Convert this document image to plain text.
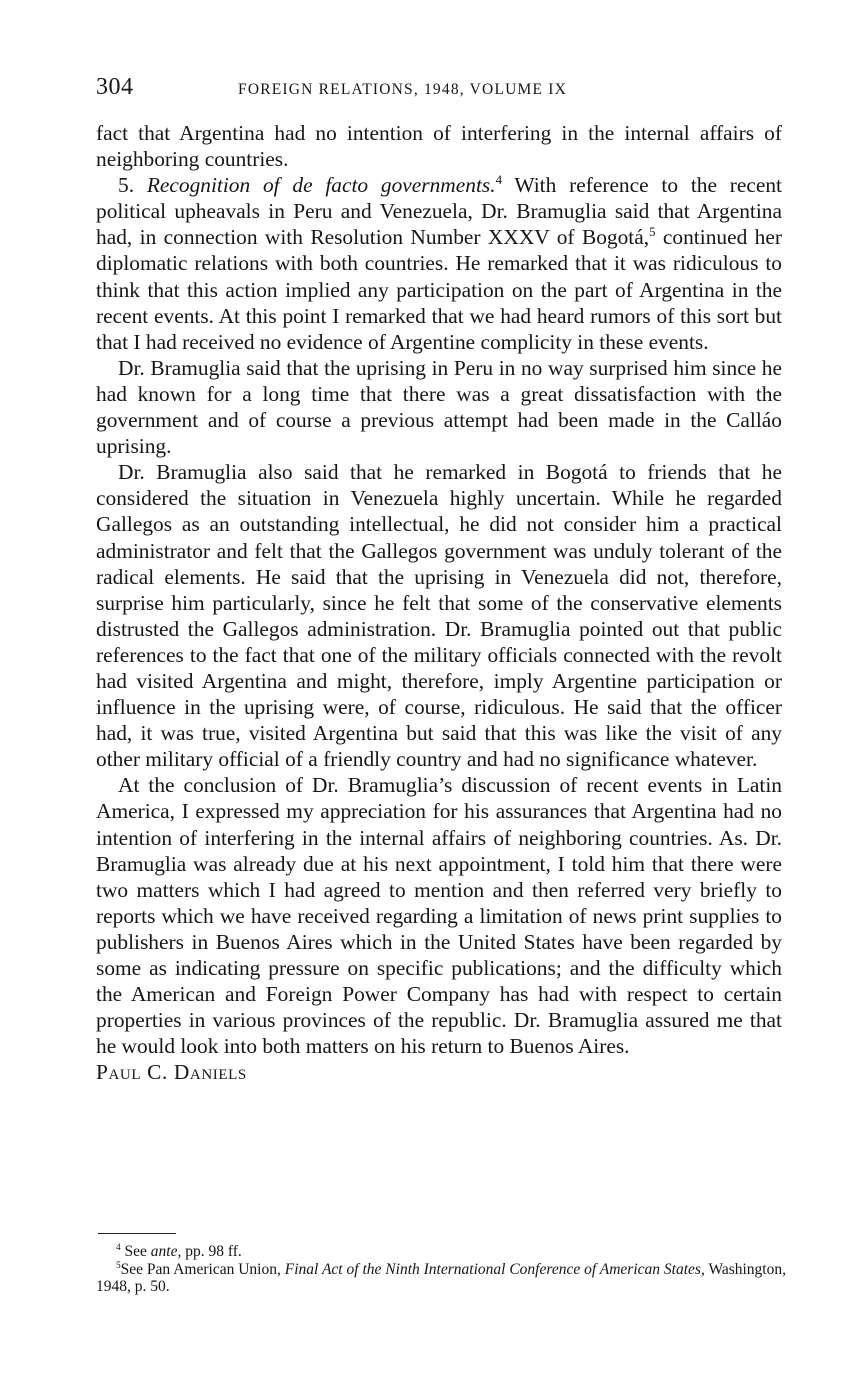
304	FOREIGN RELATIONS, 1948, VOLUME IX

fact that Argentina had no intention of interfering in the internal affairs of neighboring countries.

5. Recognition of de facto governments.$^4$ With reference to the recent political upheavals in Peru and Venezuela, Dr. Bramuglia said that Argentina had, in connection with Resolution Number XXXV of Bogotá,$^5$ continued her diplomatic relations with both countries. He remarked that it was ridiculous to think that this action implied any participation on the part of Argentina in the recent events. At this point I remarked that we had heard rumors of this sort but that I had received no evidence of Argentine complicity in these events.

Dr. Bramuglia said that the uprising in Peru in no way surprised him since he had known for a long time that there was a great dissatisfaction with the government and of course a previous attempt had been made in the Calláo uprising.

Dr. Bramuglia also said that he remarked in Bogotá to friends that he considered the situation in Venezuela highly uncertain. While he regarded Gallegos as an outstanding intellectual, he did not consider him a practical administrator and felt that the Gallegos government was unduly tolerant of the radical elements. He said that the uprising in Venezuela did not, therefore, surprise him particularly, since he felt that some of the conservative elements distrusted the Gallegos administration. Dr. Bramuglia pointed out that public references to the fact that one of the military officials connected with the revolt had visited Argentina and might, therefore, imply Argentine participation or influence in the uprising were, of course, ridiculous. He said that the officer had, it was true, visited Argentina but said that this was like the visit of any other military official of a friendly country and had no significance whatever.

At the conclusion of Dr. Bramuglia’s discussion of recent events in Latin America, I expressed my appreciation for his assurances that Argentina had no intention of interfering in the internal affairs of neighboring countries. As. Dr. Bramuglia was already due at his next appointment, I told him that there were two matters which I had agreed to mention and then referred very briefly to reports which we have received regarding a limitation of news print supplies to publishers in Buenos Aires which in the United States have been regarded by some as indicating pressure on specific publications; and the difficulty which the American and Foreign Power Company has had with respect to certain properties in various provinces of the republic. Dr. Bramuglia assured me that he would look into both matters on his return to Buenos Aires.

Paul C. Daniels

$^4$ See ante, pp. 98 ff.

$^5$See Pan American Union, Final Act of the Ninth International Conference of American States, Washington, 1948, p. 50.
